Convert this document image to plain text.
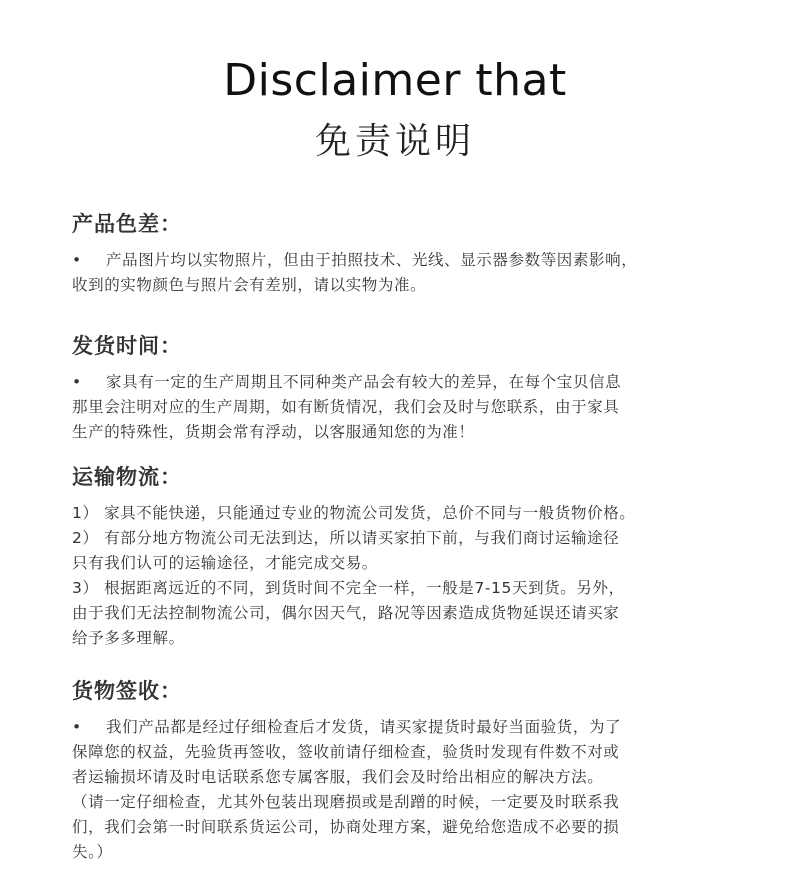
Disclaimer that
免责说明
产品色差：

• 产品图片均以实物照片，但由于拍照技术、光线、显示器参数等因素影响，

收到的实物颜色与照片会有差别，请以实物为准。

发货时间：

• 家具有一定的生产周期且不同种类产品会有较大的差异，在每个宝贝信息

那里会注明对应的生产周期，如有断货情况，我们会及时与您联系，由于家具

生产的特殊性，货期会常有浮动，以客服通知您的为准！

运输物流：

1） 家具不能快递，只能通过专业的物流公司发货，总价不同与一般货物价格。

2） 有部分地方物流公司无法到达，所以请买家拍下前，与我们商讨运输途径

只有我们认可的运输途径，才能完成交易。

3） 根据距离远近的不同，到货时间不完全一样，一般是7-15天到货。另外，

由于我们无法控制物流公司，偶尔因天气，路况等因素造成货物延误还请买家

给予多多理解。

货物签收：

• 我们产品都是经过仔细检查后才发货，请买家提货时最好当面验货，为了

保障您的权益，先验货再签收，签收前请仔细检查，验货时发现有件数不对或

者运输损坏请及时电话联系您专属客服，我们会及时给出相应的解决方法。

（请一定仔细检查，尤其外包装出现磨损或是刮蹭的时候，一定要及时联系我

们，我们会第一时间联系货运公司，协商处理方案，避免给您造成不必要的损

失。）
